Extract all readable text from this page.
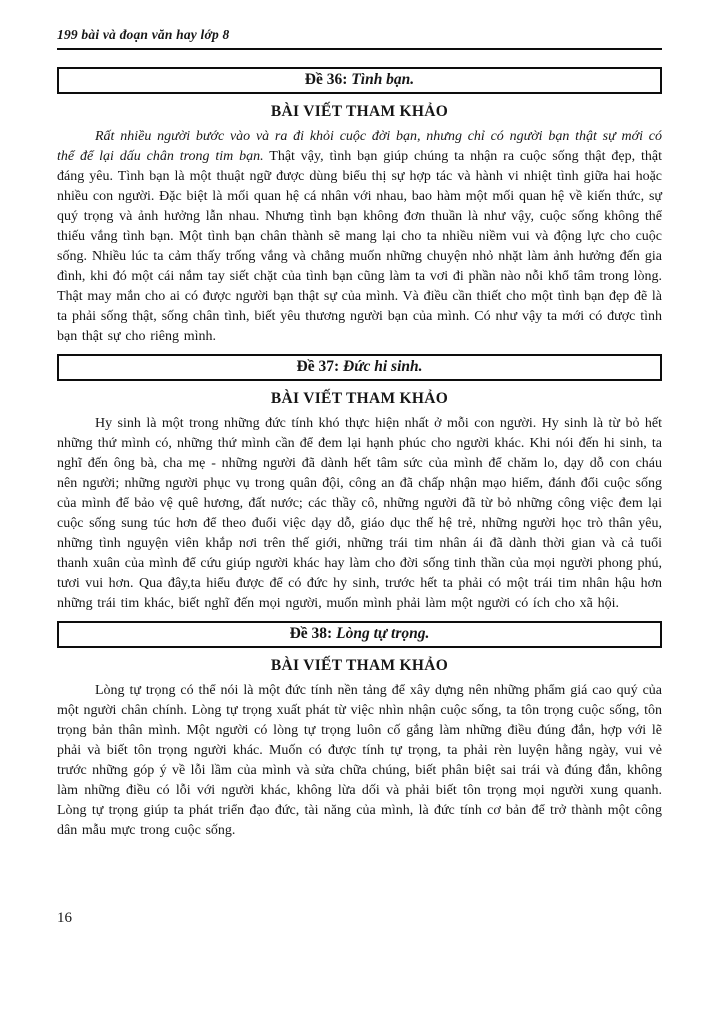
199 bài và đoạn văn hay lớp 8
Đề 36: Tình bạn.
BÀI VIẾT THAM KHẢO

Rất nhiều người bước vào và ra đi khỏi cuộc đời bạn, nhưng chỉ có người bạn thật sự mới có thể để lại dấu chân trong tim bạn. Thật vậy, tình bạn giúp chúng ta nhận ra cuộc sống thật đẹp, thật đáng yêu. Tình bạn là một thuật ngữ được dùng biểu thị sự hợp tác và hành vi nhiệt tình giữa hai hoặc nhiều con người. Đặc biệt là mối quan hệ cá nhân với nhau, bao hàm một mối quan hệ về kiến thức, sự quý trọng và ảnh hưởng lẫn nhau. Nhưng tình bạn không đơn thuần là như vậy, cuộc sống không thể thiếu vắng tình bạn. Một tình bạn chân thành sẽ mang lại cho ta nhiều niềm vui và động lực cho cuộc sống. Nhiều lúc ta cảm thấy trống vắng và chẳng muốn những chuyện nhỏ nhặt làm ảnh hưởng đến gia đình, khi đó một cái nắm tay siết chặt của tình bạn cũng làm ta vơi đi phần nào nỗi khổ tâm trong lòng. Thật may mắn cho ai có được người bạn thật sự của mình. Và điều cần thiết cho một tình bạn đẹp đẽ là ta phải sống thật, sống chân tình, biết yêu thương người bạn của mình. Có như vậy ta mới có được tình bạn thật sự cho riêng mình.

Đề 37: Đức hi sinh.
BÀI VIẾT THAM KHẢO

Hy sinh là một trong những đức tính khó thực hiện nhất ở mỗi con người. Hy sinh là từ bỏ hết những thứ mình có, những thứ mình cần để đem lại hạnh phúc cho người khác. Khi nói đến hi sinh, ta nghĩ đến ông bà, cha mẹ - những người đã dành hết tâm sức của mình để chăm lo, dạy dỗ con cháu nên người; những người phục vụ trong quân đội, công an đã chấp nhận mạo hiểm, đánh đổi cuộc sống của mình để bảo vệ quê hương, đất nước; các thầy cô, những người đã từ bỏ những công việc đem lại cuộc sống sung túc hơn để theo đuổi việc dạy dỗ, giáo dục thế hệ trẻ, những người học trò thân yêu, những tình nguyện viên khắp nơi trên thế giới, những trái tim nhân ái đã dành thời gian và cả tuổi thanh xuân của mình để cứu giúp người khác hay làm cho đời sống tinh thần của mọi người phong phú, tươi vui hơn. Qua đây,ta hiểu được để có đức hy sinh, trước hết ta phải có một trái tim nhân hậu hơn những trái tim khác, biết nghĩ đến mọi người, muốn mình phải làm một người có ích cho xã hội.

Đề 38: Lòng tự trọng.
BÀI VIẾT THAM KHẢO

Lòng tự trọng có thể nói là một đức tính nền tảng để xây dựng nên những phẩm giá cao quý của một người chân chính. Lòng tự trọng xuất phát từ việc nhìn nhận cuộc sống, ta tôn trọng cuộc sống, tôn trọng bản thân mình. Một người có lòng tự trọng luôn cố gắng làm những điều đúng đắn, hợp với lẽ phải và biết tôn trọng người khác. Muốn có được tính tự trọng, ta phải rèn luyện hằng ngày, vui vẻ trước những góp ý về lỗi lầm của mình và sửa chữa chúng, biết phân biệt sai trái và đúng đắn, không làm những điều có lỗi với người khác, không lừa dối và phải biết tôn trọng mọi người xung quanh. Lòng tự trọng giúp ta phát triển đạo đức, tài năng của mình, là đức tính cơ bản để trở thành một công dân mẫu mực trong cuộc sống.

16
